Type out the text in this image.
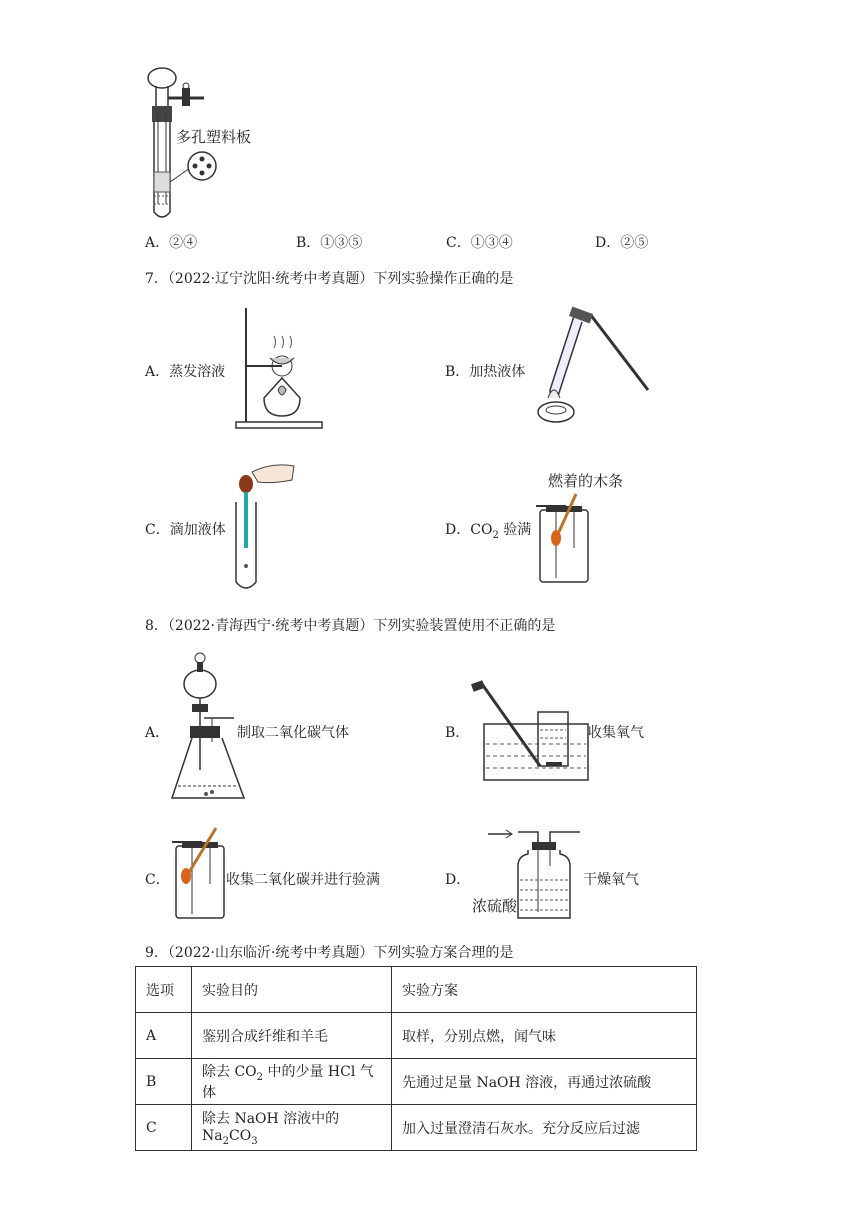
多孔塑料板
A．②④	B．①③⑤	C．①③④	D．②⑤
7．（2022·辽宁沈阳·统考中考真题）下列实验操作正确的是
A．蒸发溶液	B．加热液体
C．滴加液体
燃着的木条
D．$CO_2$ 验满
8．（2022·青海西宁·统考中考真题）下列实验装置使用不正确的是
A．	制取二氧化碳气体	B．	收集氧气
C．	收集二氧化碳并进行验满
浓硫酸
D．	干燥氧气
9．（2022·山东临沂·统考中考真题）下列实验方案合理的是
选项	实验目的	实验方案
A	鉴别合成纤维和羊毛	取样，分别点燃，闻气味
B	除去 $CO_2$ 中的少量 HCl 气体	先通过足量 NaOH 溶液，再通过浓硫酸
C	除去 NaOH 溶液中的 $Na_2CO_3$	加入过量澄清石灰水。充分反应后过滤
